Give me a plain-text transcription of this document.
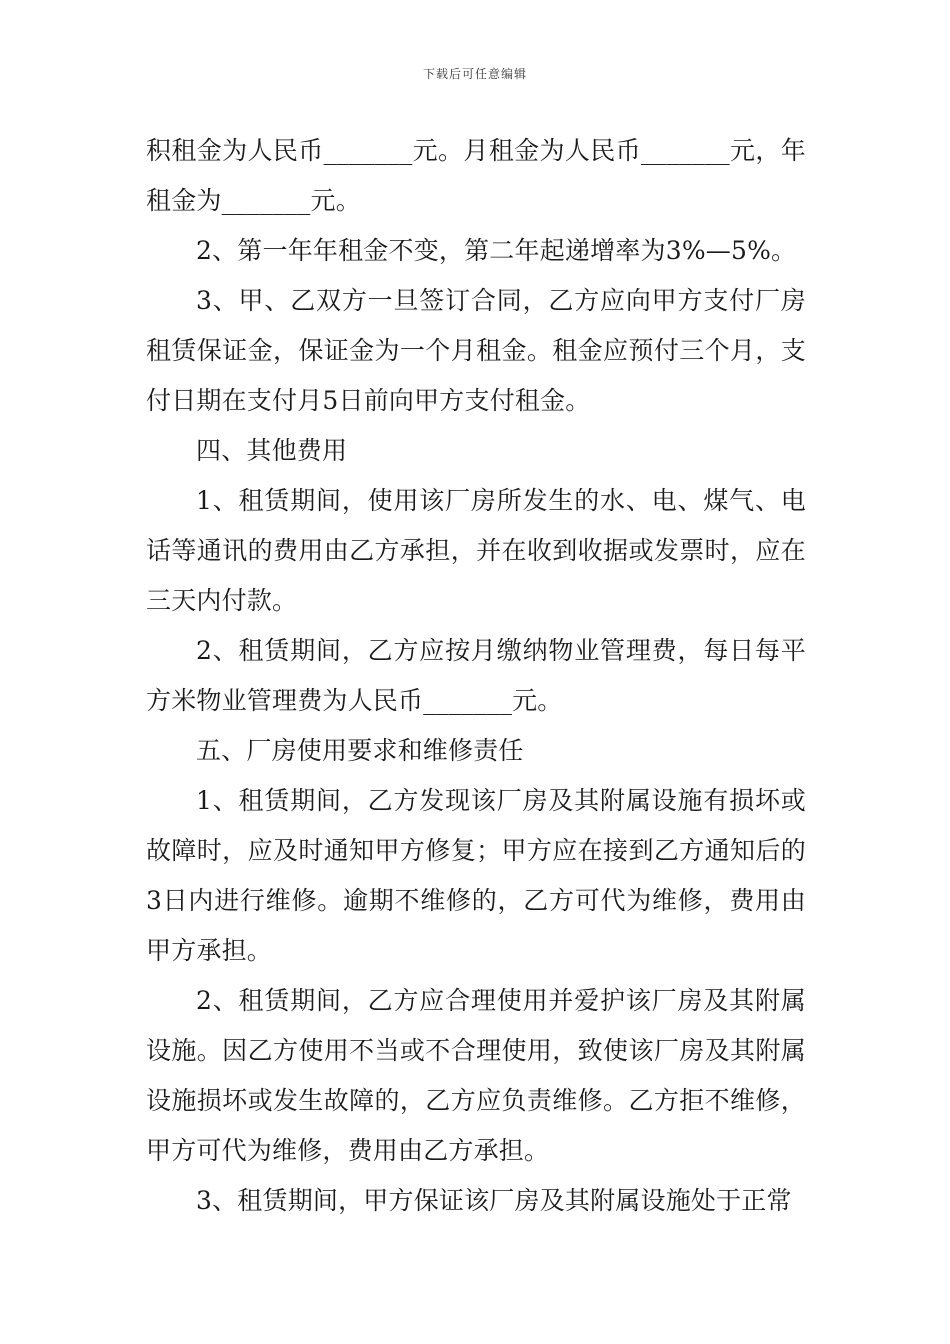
下载后可任意编辑

积租金为人民币_______元。月租金为人民币_______元，年租金为_______元。

2、第一年年租金不变，第二年起递增率为3%—5%。

3、甲、乙双方一旦签订合同，乙方应向甲方支付厂房租赁保证金，保证金为一个月租金。租金应预付三个月，支付日期在支付月5日前向甲方支付租金。

四、其他费用

1、租赁期间，使用该厂房所发生的水、电、煤气、电话等通讯的费用由乙方承担，并在收到收据或发票时，应在三天内付款。

2、租赁期间，乙方应按月缴纳物业管理费，每日每平方米物业管理费为人民币_______元。

五、厂房使用要求和维修责任

1、租赁期间，乙方发现该厂房及其附属设施有损坏或故障时，应及时通知甲方修复；甲方应在接到乙方通知后的3日内进行维修。逾期不维修的，乙方可代为维修，费用由甲方承担。

2、租赁期间，乙方应合理使用并爱护该厂房及其附属设施。因乙方使用不当或不合理使用，致使该厂房及其附属设施损坏或发生故障的，乙方应负责维修。乙方拒不维修，甲方可代为维修，费用由乙方承担。

3、租赁期间，甲方保证该厂房及其附属设施处于正常
